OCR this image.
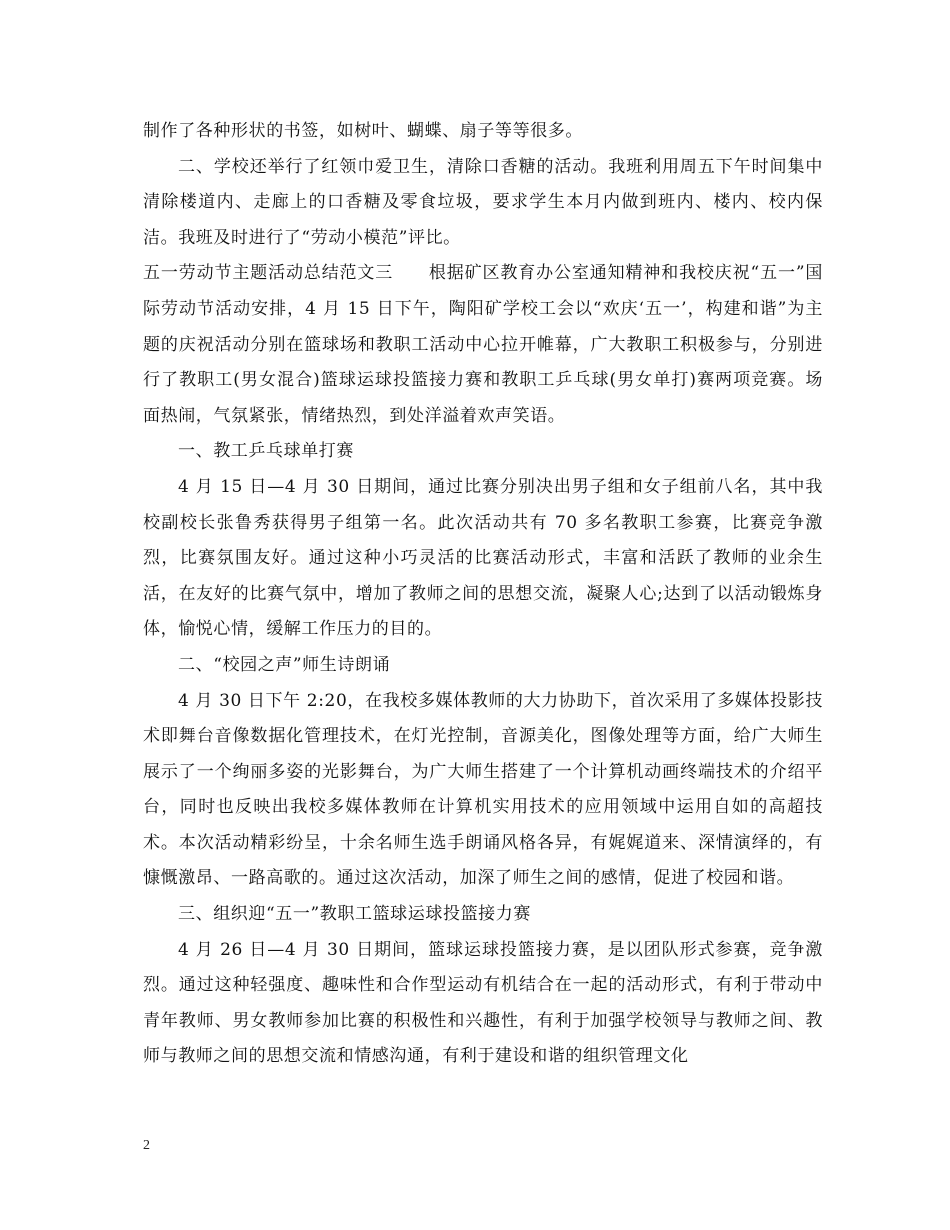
制作了各种形状的书签，如树叶、蝴蝶、扇子等等很多。

二、学校还举行了红领巾爱卫生，清除口香糖的活动。我班利用周五下午时间集中清除楼道内、走廊上的口香糖及零食垃圾，要求学生本月内做到班内、楼内、校内保洁。我班及时进行了“劳动小模范”评比。

五一劳动节主题活动总结范文三　　根据矿区教育办公室通知精神和我校庆祝“五一”国际劳动节活动安排，4 月 15 日下午，陶阳矿学校工会以“欢庆‘五一’，构建和谐”为主题的庆祝活动分别在篮球场和教职工活动中心拉开帷幕，广大教职工积极参与，分别进行了教职工(男女混合)篮球运球投篮接力赛和教职工乒乓球(男女单打)赛两项竞赛。场面热闹，气氛紧张，情绪热烈，到处洋溢着欢声笑语。

一、教工乒乓球单打赛

4 月 15 日—4 月 30 日期间，通过比赛分别决出男子组和女子组前八名，其中我校副校长张鲁秀获得男子组第一名。此次活动共有 70 多名教职工参赛，比赛竞争激烈，比赛氛围友好。通过这种小巧灵活的比赛活动形式，丰富和活跃了教师的业余生活，在友好的比赛气氛中，增加了教师之间的思想交流，凝聚人心;达到了以活动锻炼身体，愉悦心情，缓解工作压力的目的。

二、“校园之声”师生诗朗诵

4 月 30 日下午 2:20，在我校多媒体教师的大力协助下，首次采用了多媒体投影技术即舞台音像数据化管理技术，在灯光控制，音源美化，图像处理等方面，给广大师生展示了一个绚丽多姿的光影舞台，为广大师生搭建了一个计算机动画终端技术的介绍平台，同时也反映出我校多媒体教师在计算机实用技术的应用领域中运用自如的高超技术。本次活动精彩纷呈，十余名师生选手朗诵风格各异，有娓娓道来、深情演绎的，有慷慨激昂、一路高歌的。通过这次活动，加深了师生之间的感情，促进了校园和谐。

三、组织迎“五一”教职工篮球运球投篮接力赛

4 月 26 日—4 月 30 日期间，篮球运球投篮接力赛，是以团队形式参赛，竞争激烈。通过这种轻强度、趣味性和合作型运动有机结合在一起的活动形式，有利于带动中青年教师、男女教师参加比赛的积极性和兴趣性，有利于加强学校领导与教师之间、教师与教师之间的思想交流和情感沟通，有利于建设和谐的组织管理文化

2
